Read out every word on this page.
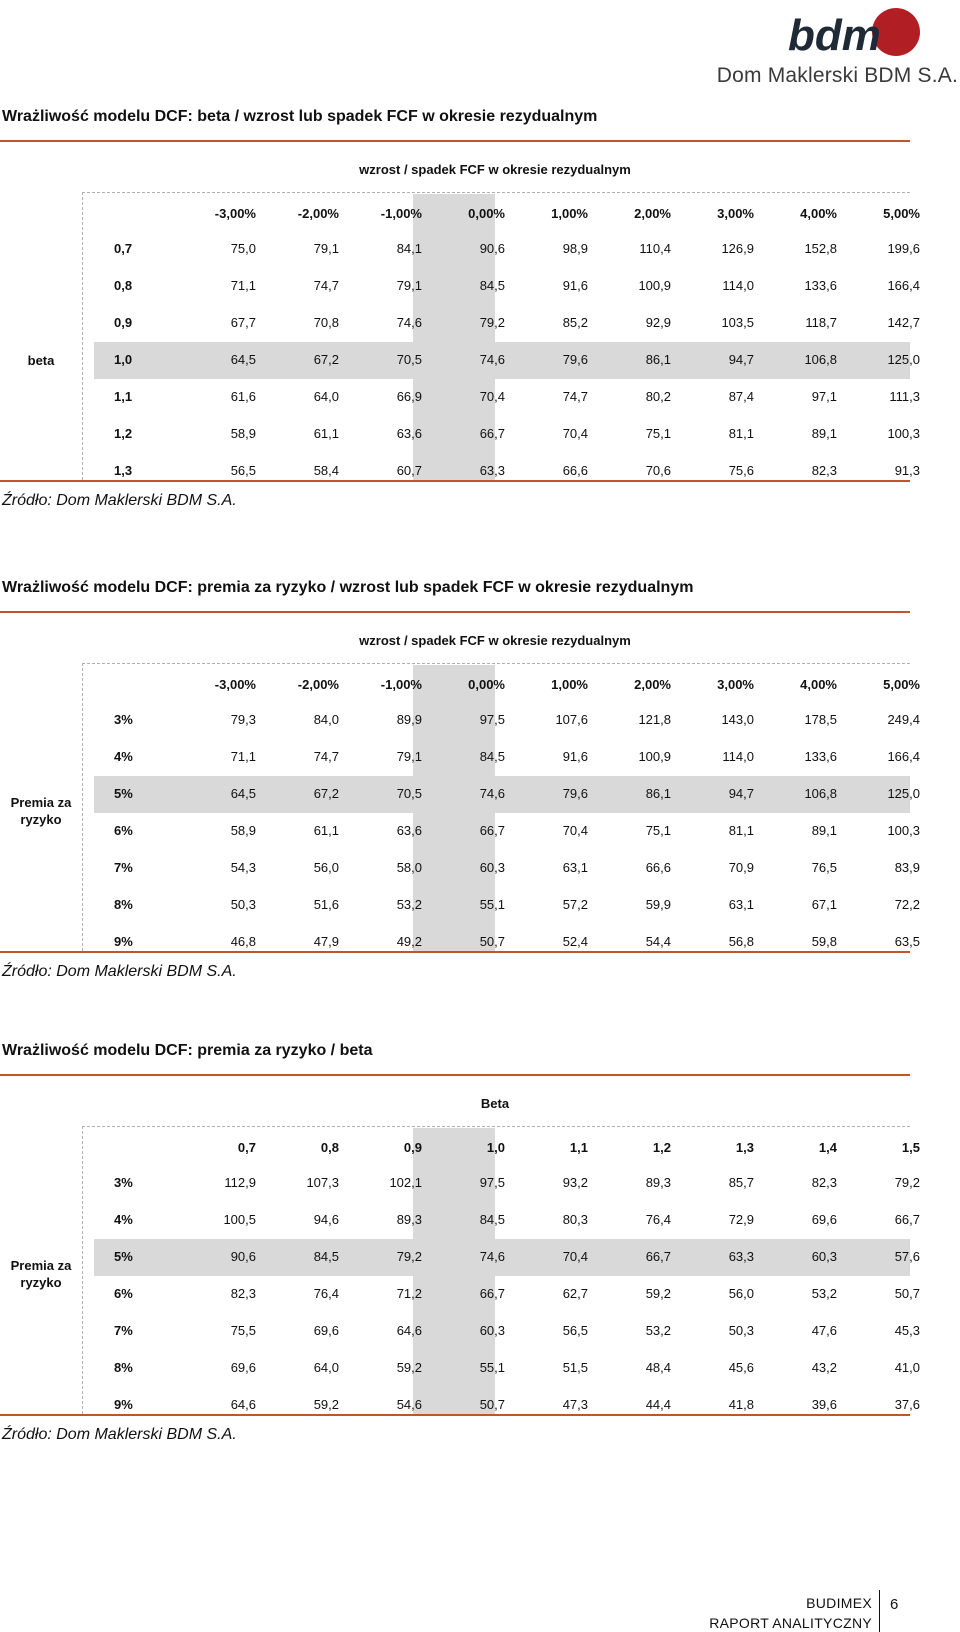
bdm
Dom Maklerski BDM S.A.
Wrażliwość modelu DCF: beta / wzrost lub spadek FCF w okresie rezydualnym
wzrost / spadek FCF w okresie rezydualnym
-3,00%	-2,00%	-1,00%	0,00%	1,00%	2,00%	3,00%	4,00%	5,00%
0,7	75,0	79,1	84,1	90,6	98,9	110,4	126,9	152,8	199,6
0,8	71,1	74,7	79,1	84,5	91,6	100,9	114,0	133,6	166,4
0,9	67,7	70,8	74,6	79,2	85,2	92,9	103,5	118,7	142,7
1,0	64,5	67,2	70,5	74,6	79,6	86,1	94,7	106,8	125,0
1,1	61,6	64,0	66,9	70,4	74,7	80,2	87,4	97,1	111,3
1,2	58,9	61,1	63,6	66,7	70,4	75,1	81,1	89,1	100,3
1,3	56,5	58,4	60,7	63,3	66,6	70,6	75,6	82,3	91,3
beta
Źródło: Dom Maklerski BDM S.A.
Wrażliwość modelu DCF: premia za ryzyko / wzrost lub spadek FCF w okresie rezydualnym
wzrost / spadek FCF w okresie rezydualnym
-3,00%	-2,00%	-1,00%	0,00%	1,00%	2,00%	3,00%	4,00%	5,00%
3%	79,3	84,0	89,9	97,5	107,6	121,8	143,0	178,5	249,4
4%	71,1	74,7	79,1	84,5	91,6	100,9	114,0	133,6	166,4
5%	64,5	67,2	70,5	74,6	79,6	86,1	94,7	106,8	125,0
6%	58,9	61,1	63,6	66,7	70,4	75,1	81,1	89,1	100,3
7%	54,3	56,0	58,0	60,3	63,1	66,6	70,9	76,5	83,9
8%	50,3	51,6	53,2	55,1	57,2	59,9	63,1	67,1	72,2
9%	46,8	47,9	49,2	50,7	52,4	54,4	56,8	59,8	63,5
Premia za ryzyko
Źródło: Dom Maklerski BDM S.A.
Wrażliwość modelu DCF: premia za ryzyko / beta
Beta
0,7	0,8	0,9	1,0	1,1	1,2	1,3	1,4	1,5
3%	112,9	107,3	102,1	97,5	93,2	89,3	85,7	82,3	79,2
4%	100,5	94,6	89,3	84,5	80,3	76,4	72,9	69,6	66,7
5%	90,6	84,5	79,2	74,6	70,4	66,7	63,3	60,3	57,6
6%	82,3	76,4	71,2	66,7	62,7	59,2	56,0	53,2	50,7
7%	75,5	69,6	64,6	60,3	56,5	53,2	50,3	47,6	45,3
8%	69,6	64,0	59,2	55,1	51,5	48,4	45,6	43,2	41,0
9%	64,6	59,2	54,6	50,7	47,3	44,4	41,8	39,6	37,6
Premia za ryzyko
Źródło: Dom Maklerski BDM S.A.
BUDIMEX
RAPORT ANALITYCZNY
6
